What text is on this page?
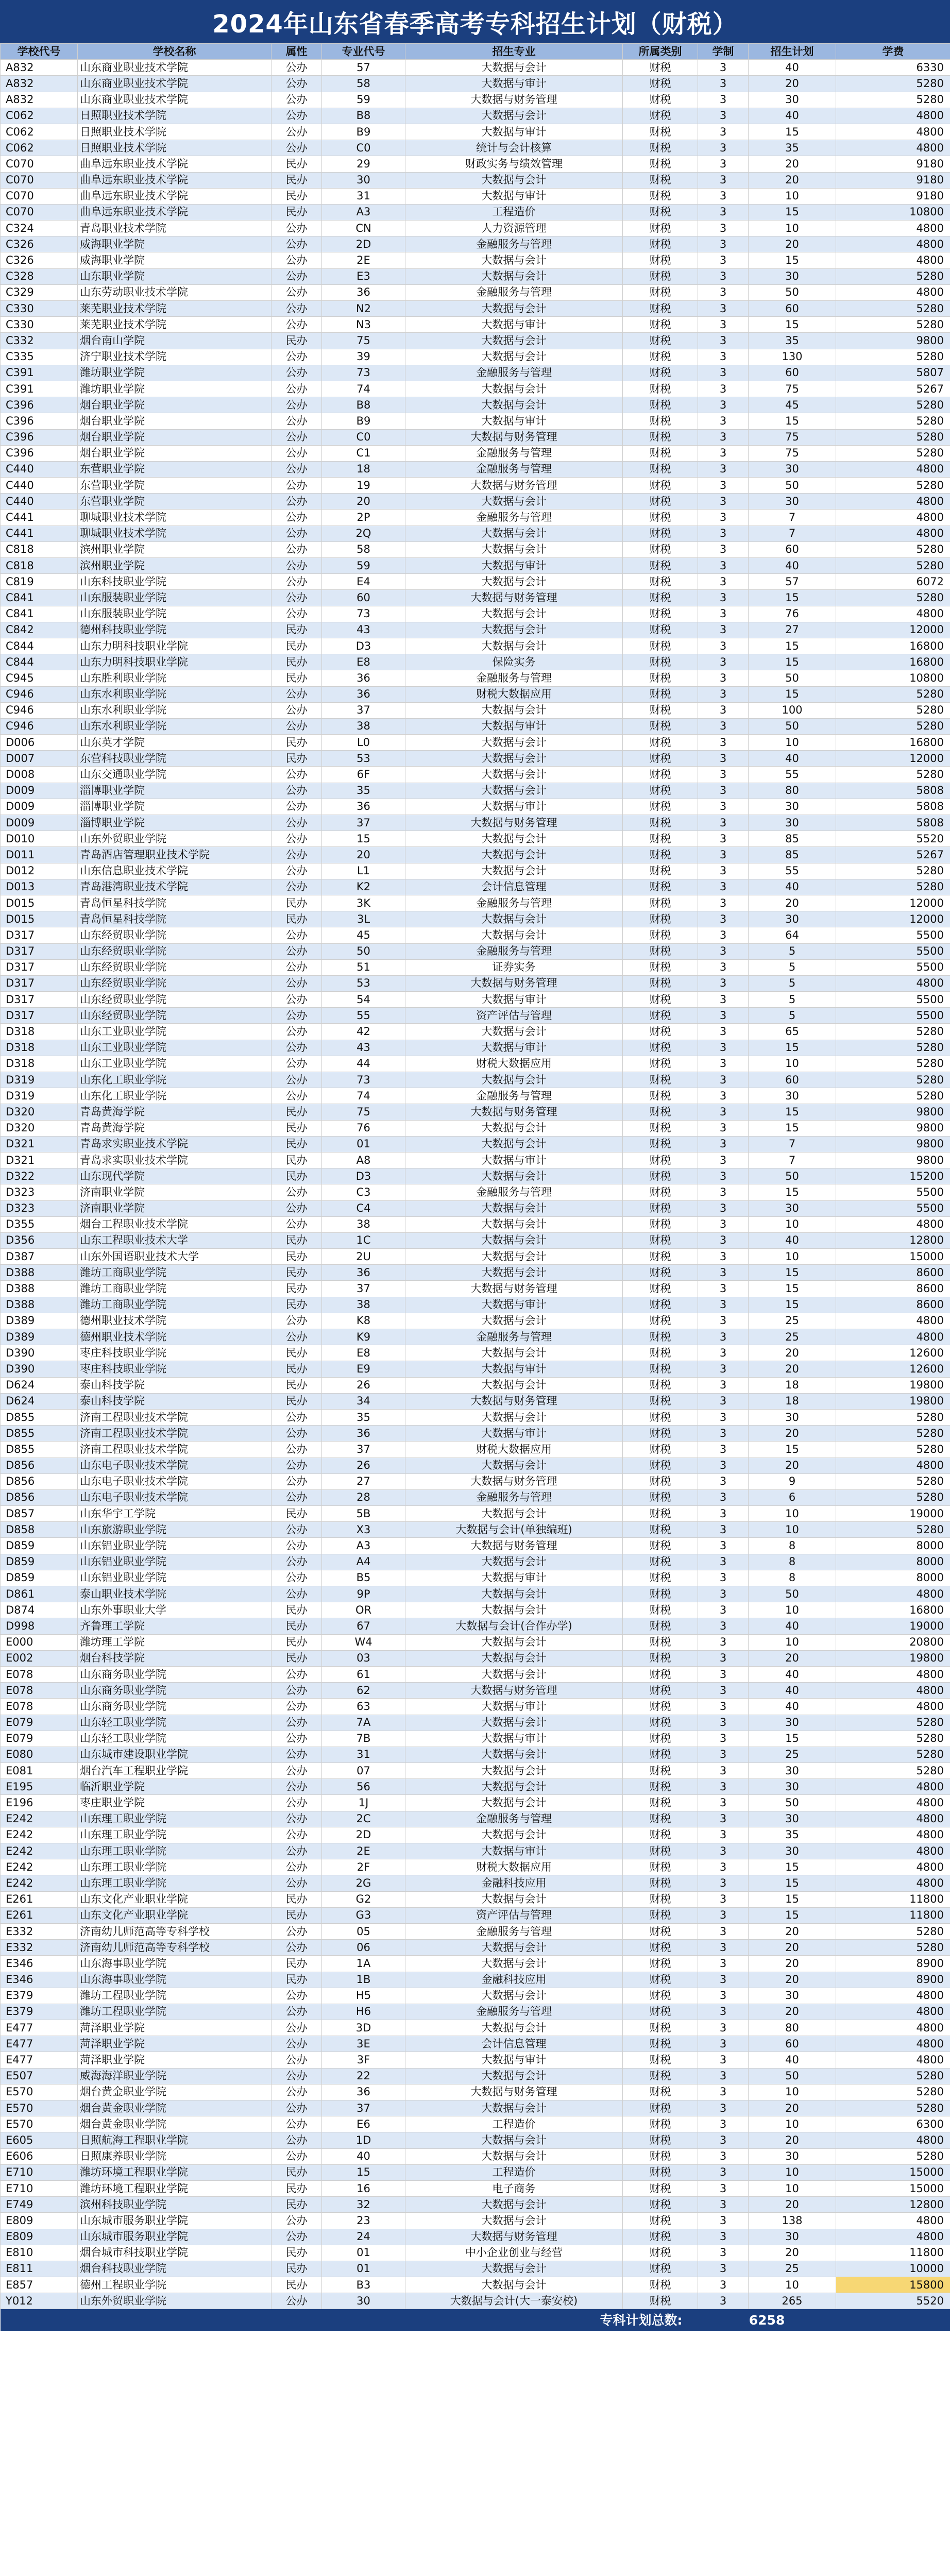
2024年山东省春季高考专科招生计划（财税）
学校代号	学校名称	属性	专业代号	招生专业	所属类别	学制	招生计划	学费
A832	山东商业职业技术学院	公办	57	大数据与会计	财税	3	40	6330
A832	山东商业职业技术学院	公办	58	大数据与审计	财税	3	20	5280
A832	山东商业职业技术学院	公办	59	大数据与财务管理	财税	3	30	5280
C062	日照职业技术学院	公办	B8	大数据与会计	财税	3	40	4800
C062	日照职业技术学院	公办	B9	大数据与审计	财税	3	15	4800
C062	日照职业技术学院	公办	C0	统计与会计核算	财税	3	35	4800
C070	曲阜远东职业技术学院	民办	29	财政实务与绩效管理	财税	3	20	9180
C070	曲阜远东职业技术学院	民办	30	大数据与会计	财税	3	20	9180
C070	曲阜远东职业技术学院	民办	31	大数据与审计	财税	3	10	9180
C070	曲阜远东职业技术学院	民办	A3	工程造价	财税	3	15	10800
C324	青岛职业技术学院	公办	CN	人力资源管理	财税	3	10	4800
C326	威海职业学院	公办	2D	金融服务与管理	财税	3	20	4800
C326	威海职业学院	公办	2E	大数据与会计	财税	3	15	4800
C328	山东职业学院	公办	E3	大数据与会计	财税	3	30	5280
C329	山东劳动职业技术学院	公办	36	金融服务与管理	财税	3	50	4800
C330	莱芜职业技术学院	公办	N2	大数据与会计	财税	3	60	5280
C330	莱芜职业技术学院	公办	N3	大数据与审计	财税	3	15	5280
C332	烟台南山学院	民办	75	大数据与会计	财税	3	35	9800
C335	济宁职业技术学院	公办	39	大数据与会计	财税	3	130	5280
C391	潍坊职业学院	公办	73	金融服务与管理	财税	3	60	5807
C391	潍坊职业学院	公办	74	大数据与会计	财税	3	75	5267
C396	烟台职业学院	公办	B8	大数据与会计	财税	3	45	5280
C396	烟台职业学院	公办	B9	大数据与审计	财税	3	15	5280
C396	烟台职业学院	公办	C0	大数据与财务管理	财税	3	75	5280
C396	烟台职业学院	公办	C1	金融服务与管理	财税	3	75	5280
C440	东营职业学院	公办	18	金融服务与管理	财税	3	30	4800
C440	东营职业学院	公办	19	大数据与财务管理	财税	3	50	5280
C440	东营职业学院	公办	20	大数据与会计	财税	3	30	4800
C441	聊城职业技术学院	公办	2P	金融服务与管理	财税	3	7	4800
C441	聊城职业技术学院	公办	2Q	大数据与会计	财税	3	7	4800
C818	滨州职业学院	公办	58	大数据与会计	财税	3	60	5280
C818	滨州职业学院	公办	59	大数据与审计	财税	3	40	5280
C819	山东科技职业学院	公办	E4	大数据与会计	财税	3	57	6072
C841	山东服装职业学院	公办	60	大数据与财务管理	财税	3	15	5280
C841	山东服装职业学院	公办	73	大数据与会计	财税	3	76	4800
C842	德州科技职业学院	民办	43	大数据与会计	财税	3	27	12000
C844	山东力明科技职业学院	民办	D3	大数据与会计	财税	3	15	16800
C844	山东力明科技职业学院	民办	E8	保险实务	财税	3	15	16800
C945	山东胜利职业学院	民办	36	金融服务与管理	财税	3	50	10800
C946	山东水利职业学院	公办	36	财税大数据应用	财税	3	15	5280
C946	山东水利职业学院	公办	37	大数据与会计	财税	3	100	5280
C946	山东水利职业学院	公办	38	大数据与审计	财税	3	50	5280
D006	山东英才学院	民办	L0	大数据与会计	财税	3	10	16800
D007	东营科技职业学院	民办	53	大数据与会计	财税	3	40	12000
D008	山东交通职业学院	公办	6F	大数据与会计	财税	3	55	5280
D009	淄博职业学院	公办	35	大数据与会计	财税	3	80	5808
D009	淄博职业学院	公办	36	大数据与审计	财税	3	30	5808
D009	淄博职业学院	公办	37	大数据与财务管理	财税	3	30	5808
D010	山东外贸职业学院	公办	15	大数据与会计	财税	3	85	5520
D011	青岛酒店管理职业技术学院	公办	20	大数据与会计	财税	3	85	5267
D012	山东信息职业技术学院	公办	L1	大数据与会计	财税	3	55	5280
D013	青岛港湾职业技术学院	公办	K2	会计信息管理	财税	3	40	5280
D015	青岛恒星科技学院	民办	3K	金融服务与管理	财税	3	20	12000
D015	青岛恒星科技学院	民办	3L	大数据与会计	财税	3	30	12000
D317	山东经贸职业学院	公办	45	大数据与会计	财税	3	64	5500
D317	山东经贸职业学院	公办	50	金融服务与管理	财税	3	5	5500
D317	山东经贸职业学院	公办	51	证券实务	财税	3	5	5500
D317	山东经贸职业学院	公办	53	大数据与财务管理	财税	3	5	4800
D317	山东经贸职业学院	公办	54	大数据与审计	财税	3	5	5500
D317	山东经贸职业学院	公办	55	资产评估与管理	财税	3	5	5500
D318	山东工业职业学院	公办	42	大数据与会计	财税	3	65	5280
D318	山东工业职业学院	公办	43	大数据与审计	财税	3	15	5280
D318	山东工业职业学院	公办	44	财税大数据应用	财税	3	10	5280
D319	山东化工职业学院	公办	73	大数据与会计	财税	3	60	5280
D319	山东化工职业学院	公办	74	金融服务与管理	财税	3	30	5280
D320	青岛黄海学院	民办	75	大数据与财务管理	财税	3	15	9800
D320	青岛黄海学院	民办	76	大数据与会计	财税	3	15	9800
D321	青岛求实职业技术学院	民办	01	大数据与会计	财税	3	7	9800
D321	青岛求实职业技术学院	民办	A8	大数据与审计	财税	3	7	9800
D322	山东现代学院	民办	D3	大数据与会计	财税	3	50	15200
D323	济南职业学院	公办	C3	金融服务与管理	财税	3	15	5500
D323	济南职业学院	公办	C4	大数据与会计	财税	3	30	5500
D355	烟台工程职业技术学院	公办	38	大数据与会计	财税	3	10	4800
D356	山东工程职业技术大学	民办	1C	大数据与会计	财税	3	40	12800
D387	山东外国语职业技术大学	民办	2U	大数据与会计	财税	3	10	15000
D388	潍坊工商职业学院	民办	36	大数据与会计	财税	3	15	8600
D388	潍坊工商职业学院	民办	37	大数据与财务管理	财税	3	15	8600
D388	潍坊工商职业学院	民办	38	大数据与审计	财税	3	15	8600
D389	德州职业技术学院	公办	K8	大数据与会计	财税	3	25	4800
D389	德州职业技术学院	公办	K9	金融服务与管理	财税	3	25	4800
D390	枣庄科技职业学院	民办	E8	大数据与会计	财税	3	20	12600
D390	枣庄科技职业学院	民办	E9	大数据与审计	财税	3	20	12600
D624	泰山科技学院	民办	26	大数据与会计	财税	3	18	19800
D624	泰山科技学院	民办	34	大数据与财务管理	财税	3	18	19800
D855	济南工程职业技术学院	公办	35	大数据与会计	财税	3	30	5280
D855	济南工程职业技术学院	公办	36	大数据与审计	财税	3	20	5280
D855	济南工程职业技术学院	公办	37	财税大数据应用	财税	3	15	5280
D856	山东电子职业技术学院	公办	26	大数据与会计	财税	3	20	4800
D856	山东电子职业技术学院	公办	27	大数据与财务管理	财税	3	9	5280
D856	山东电子职业技术学院	公办	28	金融服务与管理	财税	3	6	5280
D857	山东华宇工学院	民办	5B	大数据与会计	财税	3	10	19000
D858	山东旅游职业学院	公办	X3	大数据与会计(单独编班)	财税	3	10	5280
D859	山东铝业职业学院	公办	A3	大数据与财务管理	财税	3	8	8000
D859	山东铝业职业学院	公办	A4	大数据与会计	财税	3	8	8000
D859	山东铝业职业学院	公办	B5	大数据与审计	财税	3	8	8000
D861	泰山职业技术学院	公办	9P	大数据与会计	财税	3	50	4800
D874	山东外事职业大学	民办	OR	大数据与会计	财税	3	10	16800
D998	齐鲁理工学院	民办	67	大数据与会计(合作办学)	财税	3	40	19000
E000	潍坊理工学院	民办	W4	大数据与会计	财税	3	10	20800
E002	烟台科技学院	民办	03	大数据与会计	财税	3	20	19800
E078	山东商务职业学院	公办	61	大数据与会计	财税	3	40	4800
E078	山东商务职业学院	公办	62	大数据与财务管理	财税	3	40	4800
E078	山东商务职业学院	公办	63	大数据与审计	财税	3	40	4800
E079	山东轻工职业学院	公办	7A	大数据与会计	财税	3	30	5280
E079	山东轻工职业学院	公办	7B	大数据与审计	财税	3	15	5280
E080	山东城市建设职业学院	公办	31	大数据与会计	财税	3	25	5280
E081	烟台汽车工程职业学院	公办	07	大数据与会计	财税	3	30	5280
E195	临沂职业学院	公办	56	大数据与会计	财税	3	30	4800
E196	枣庄职业学院	公办	1J	大数据与会计	财税	3	50	4800
E242	山东理工职业学院	公办	2C	金融服务与管理	财税	3	30	4800
E242	山东理工职业学院	公办	2D	大数据与会计	财税	3	35	4800
E242	山东理工职业学院	公办	2E	大数据与审计	财税	3	30	4800
E242	山东理工职业学院	公办	2F	财税大数据应用	财税	3	15	4800
E242	山东理工职业学院	公办	2G	金融科技应用	财税	3	15	4800
E261	山东文化产业职业学院	民办	G2	大数据与会计	财税	3	15	11800
E261	山东文化产业职业学院	民办	G3	资产评估与管理	财税	3	15	11800
E332	济南幼儿师范高等专科学校	公办	05	金融服务与管理	财税	3	20	5280
E332	济南幼儿师范高等专科学校	公办	06	大数据与会计	财税	3	20	5280
E346	山东海事职业学院	民办	1A	大数据与会计	财税	3	20	8900
E346	山东海事职业学院	民办	1B	金融科技应用	财税	3	20	8900
E379	潍坊工程职业学院	公办	H5	大数据与会计	财税	3	30	4800
E379	潍坊工程职业学院	公办	H6	金融服务与管理	财税	3	20	4800
E477	菏泽职业学院	公办	3D	大数据与会计	财税	3	80	4800
E477	菏泽职业学院	公办	3E	会计信息管理	财税	3	60	4800
E477	菏泽职业学院	公办	3F	大数据与审计	财税	3	40	4800
E507	威海海洋职业学院	公办	22	大数据与会计	财税	3	50	5280
E570	烟台黄金职业学院	公办	36	大数据与财务管理	财税	3	10	5280
E570	烟台黄金职业学院	公办	37	大数据与会计	财税	3	20	5280
E570	烟台黄金职业学院	公办	E6	工程造价	财税	3	10	6300
E605	日照航海工程职业学院	公办	1D	大数据与会计	财税	3	20	4800
E606	日照康养职业学院	公办	40	大数据与会计	财税	3	30	5280
E710	潍坊环境工程职业学院	民办	15	工程造价	财税	3	10	15000
E710	潍坊环境工程职业学院	民办	16	电子商务	财税	3	10	15000
E749	滨州科技职业学院	民办	32	大数据与会计	财税	3	20	12800
E809	山东城市服务职业学院	公办	23	大数据与会计	财税	3	138	4800
E809	山东城市服务职业学院	公办	24	大数据与财务管理	财税	3	30	4800
E810	烟台城市科技职业学院	民办	01	中小企业创业与经营	财税	3	20	11800
E811	烟台科技职业学院	民办	01	大数据与会计	财税	3	25	10000
E857	德州工程职业学院	民办	B3	大数据与会计	财税	3	10	15800
Y012	山东外贸职业学院	公办	30	大数据与会计(大一泰安校)	财税	3	265	5520
专科计划总数:						6258		
